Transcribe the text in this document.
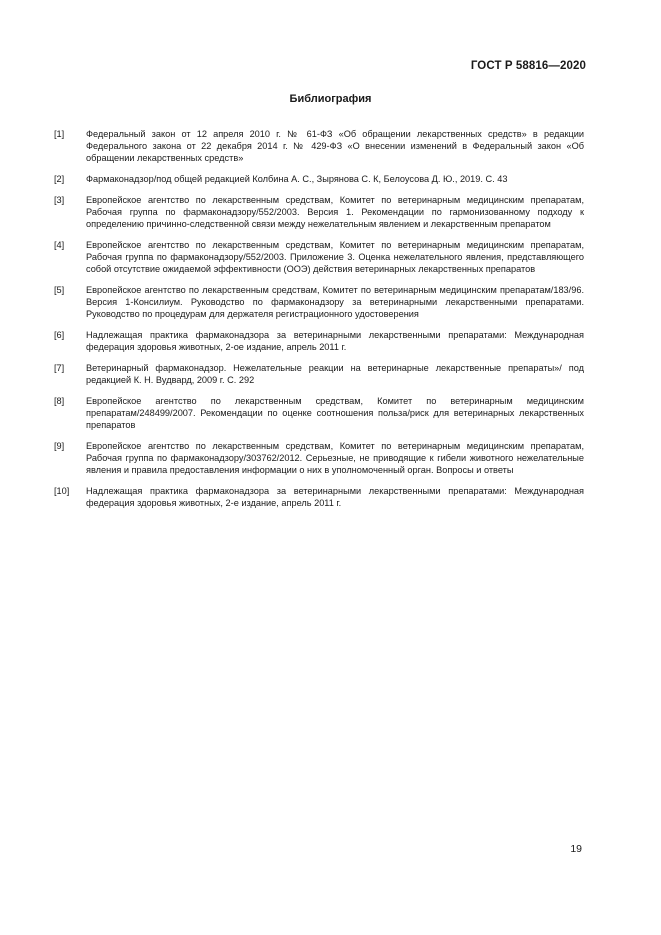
ГОСТ Р 58816—2020
Библиография
[1]	Федеральный закон от 12 апреля 2010 г. № 61-ФЗ «Об обращении лекарственных средств» в редакции Федерального закона от 22 декабря 2014 г. № 429-ФЗ «О внесении изменений в Федеральный закон «Об обращении лекарственных средств»
[2]	Фармаконадзор/под общей редакцией Колбина А. С., Зырянова С. К, Белоусова Д. Ю., 2019. С. 43
[3]	Европейское агентство по лекарственным средствам, Комитет по ветеринарным медицинским препаратам, Рабочая группа по фармаконадзору/552/2003. Версия 1. Рекомендации по гармонизованному подходу к определению причинно-следственной связи между нежелательным явлением и лекарственным препаратом
[4]	Европейское агентство по лекарственным средствам, Комитет по ветеринарным медицинским препаратам, Рабочая группа по фармаконадзору/552/2003. Приложение 3. Оценка нежелательного явления, представляющего собой отсутствие ожидаемой эффективности (ООЭ) действия ветеринарных лекарственных препаратов
[5]	Европейское агентство по лекарственным средствам, Комитет по ветеринарным медицинским препаратам/183/96. Версия 1-Консилиум. Руководство по фармаконадзору за ветеринарными лекарственными препаратами. Руководство по процедурам для держателя регистрационного удостоверения
[6]	Надлежащая практика фармаконадзора за ветеринарными лекарственными препаратами: Международная федерация здоровья животных, 2-ое издание, апрель 2011 г.
[7]	Ветеринарный фармаконадзор. Нежелательные реакции на ветеринарные лекарственные препараты»/ под редакцией К. Н. Вудвард, 2009 г. С. 292
[8]	Европейское агентство по лекарственным средствам, Комитет по ветеринарным медицинским препаратам/248499/2007. Рекомендации по оценке соотношения польза/риск для ветеринарных лекарственных препаратов
[9]	Европейское агентство по лекарственным средствам, Комитет по ветеринарным медицинским препаратам, Рабочая группа по фармаконадзору/303762/2012. Серьезные, не приводящие к гибели животного нежелательные явления и правила предоставления информации о них в уполномоченный орган. Вопросы и ответы
[10]	Надлежащая практика фармаконадзора за ветеринарными лекарственными препаратами: Международная федерация здоровья животных, 2-е издание, апрель 2011 г.
19
